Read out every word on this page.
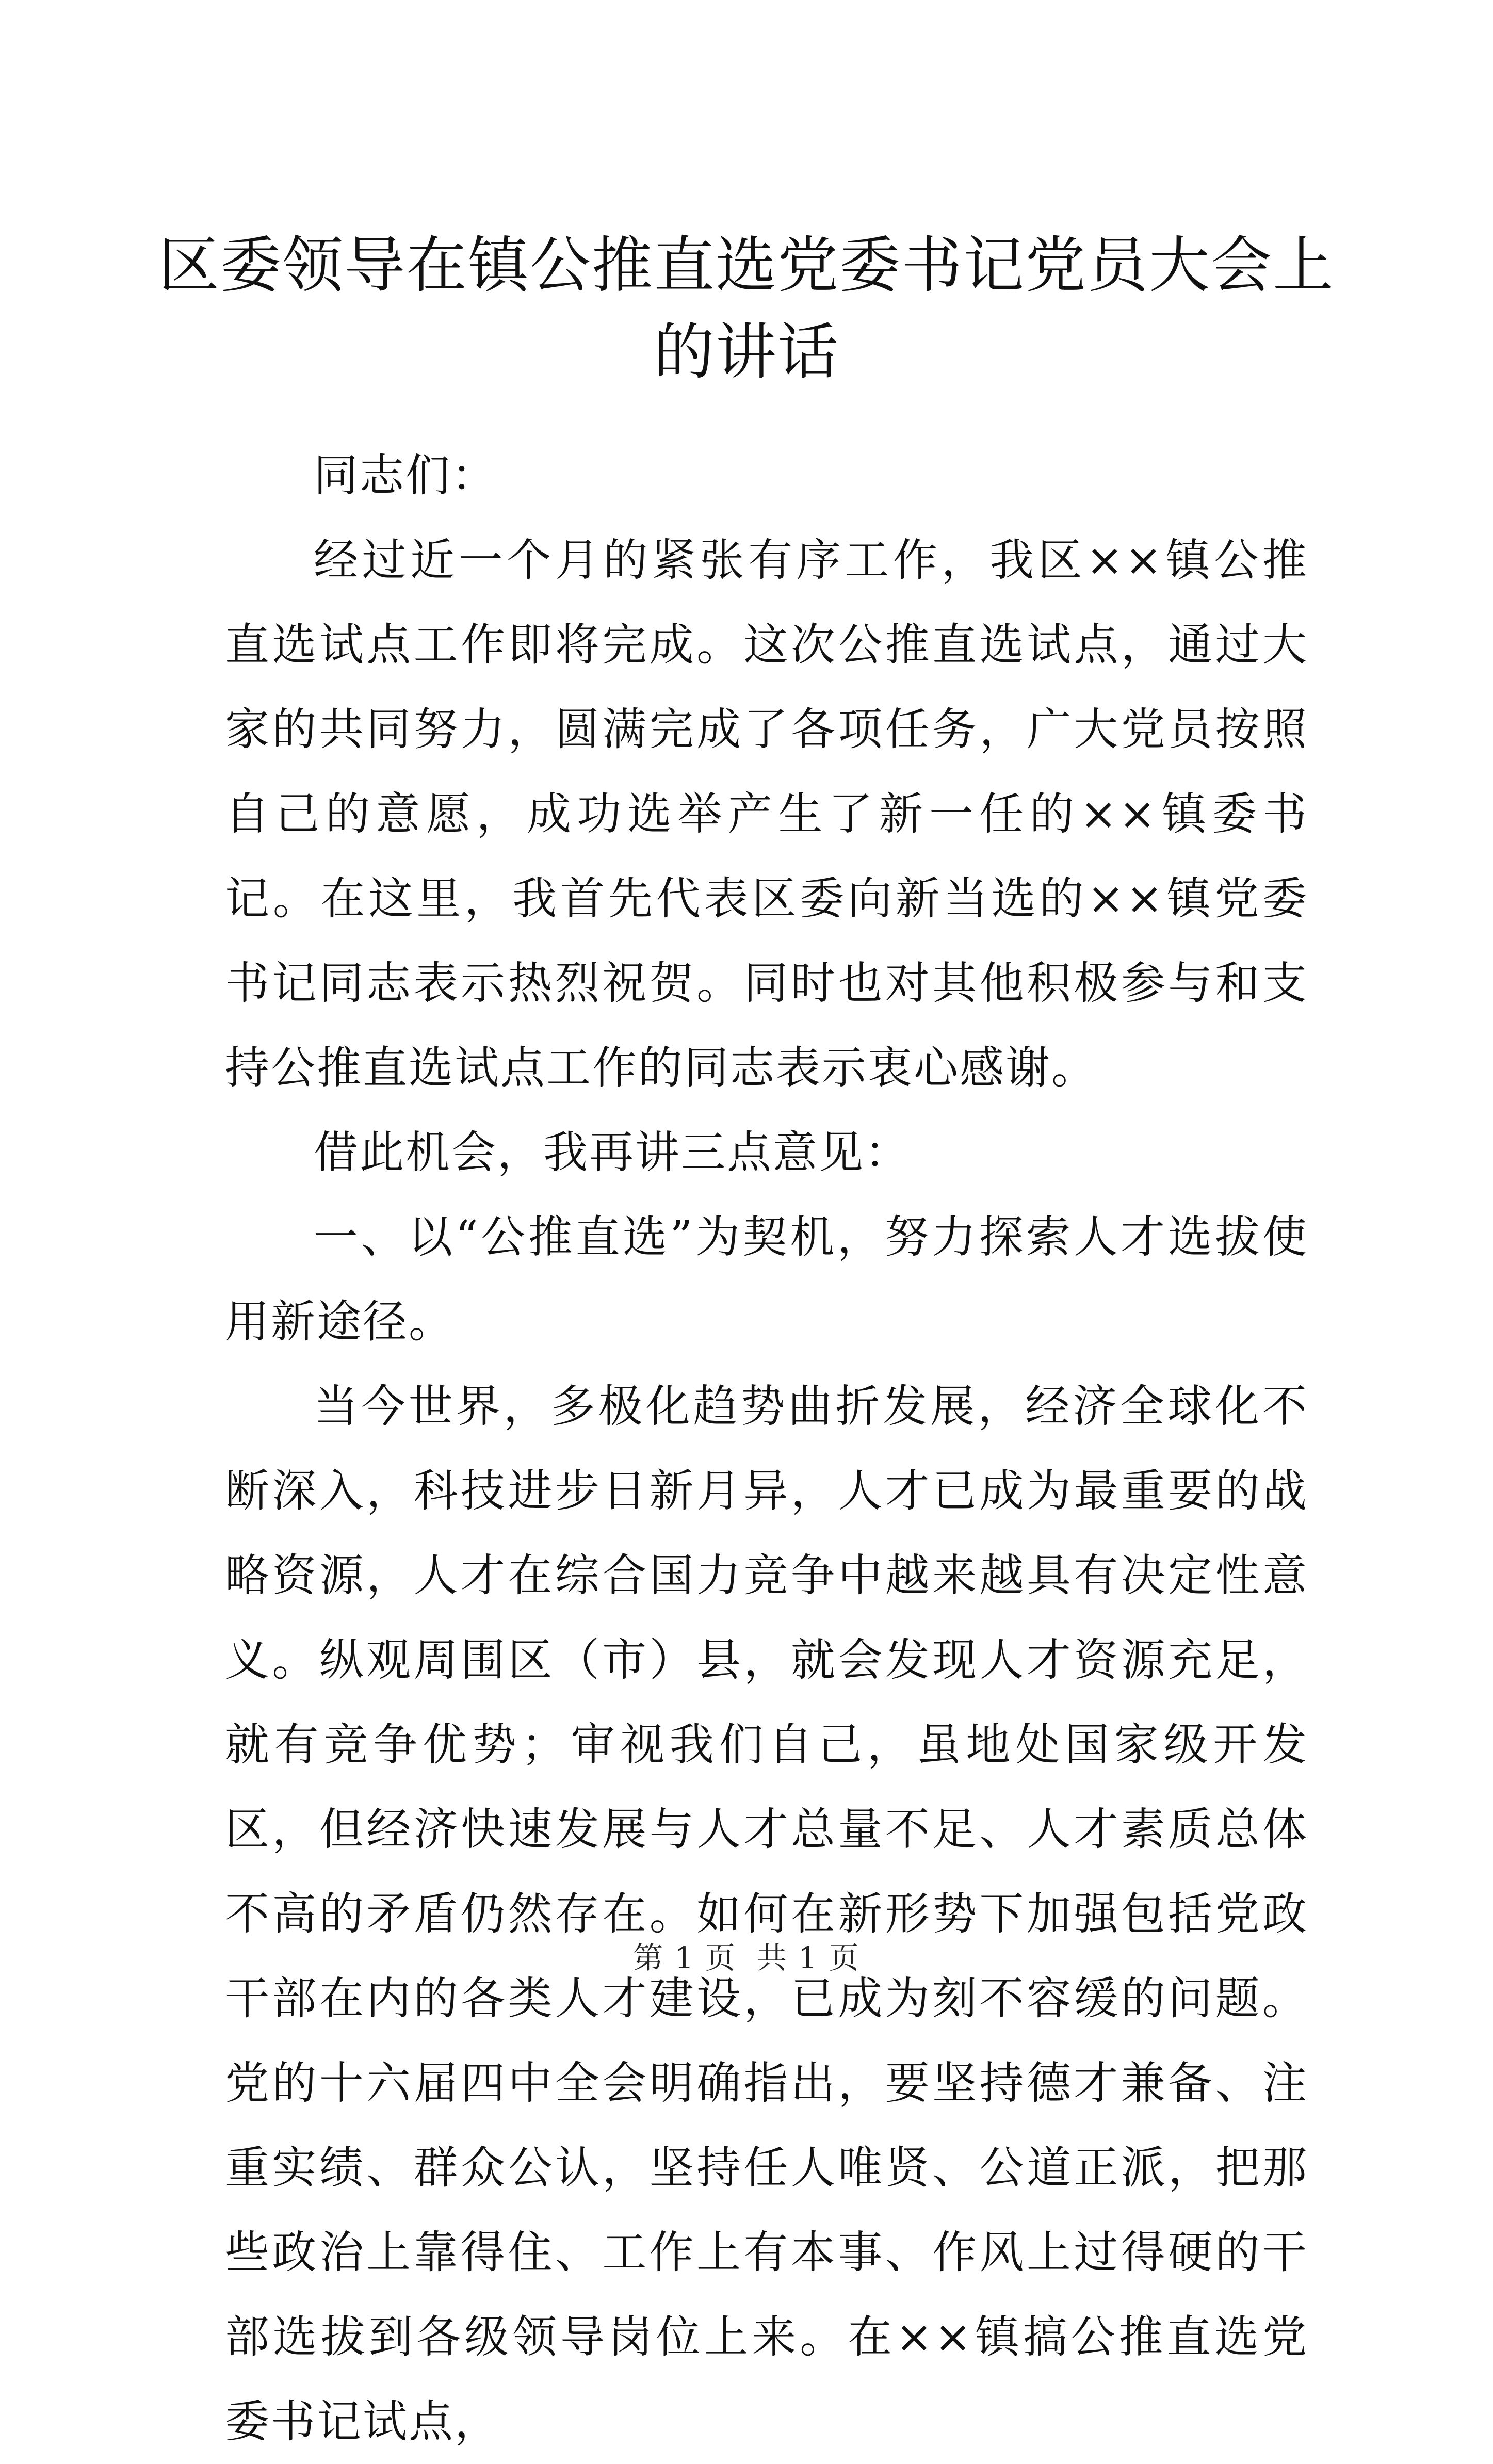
区委领导在镇公推直选党委书记党员大会上的讲话

同志们：

经过近一个月的紧张有序工作，我区××镇公推直选试点工作即将完成。这次公推直选试点，通过大家的共同努力，圆满完成了各项任务，广大党员按照自己的意愿，成功选举产生了新一任的××镇委书记。在这里，我首先代表区委向新当选的××镇党委书记同志表示热烈祝贺。同时也对其他积极参与和支持公推直选试点工作的同志表示衷心感谢。

借此机会，我再讲三点意见：

一、以“公推直选”为契机，努力探索人才选拔使用新途径。

当今世界，多极化趋势曲折发展，经济全球化不断深入，科技进步日新月异，人才已成为最重要的战略资源，人才在综合国力竞争中越来越具有决定性意义。纵观周围区（市）县，就会发现人才资源充足，就有竞争优势；审视我们自己，虽地处国家级开发区，但经济快速发展与人才总量不足、人才素质总体不高的矛盾仍然存在。如何在新形势下加强包括党政干部在内的各类人才建设，已成为刻不容缓的问题。党的十六届四中全会明确指出，要坚持德才兼备、注重实绩、群众公认，坚持任人唯贤、公道正派，把那些政治上靠得住、工作上有本事、作风上过得硬的干部选拔到各级领导岗位上来。在××镇搞公推直选党委书记试点，

第 1 页 共 1 页
